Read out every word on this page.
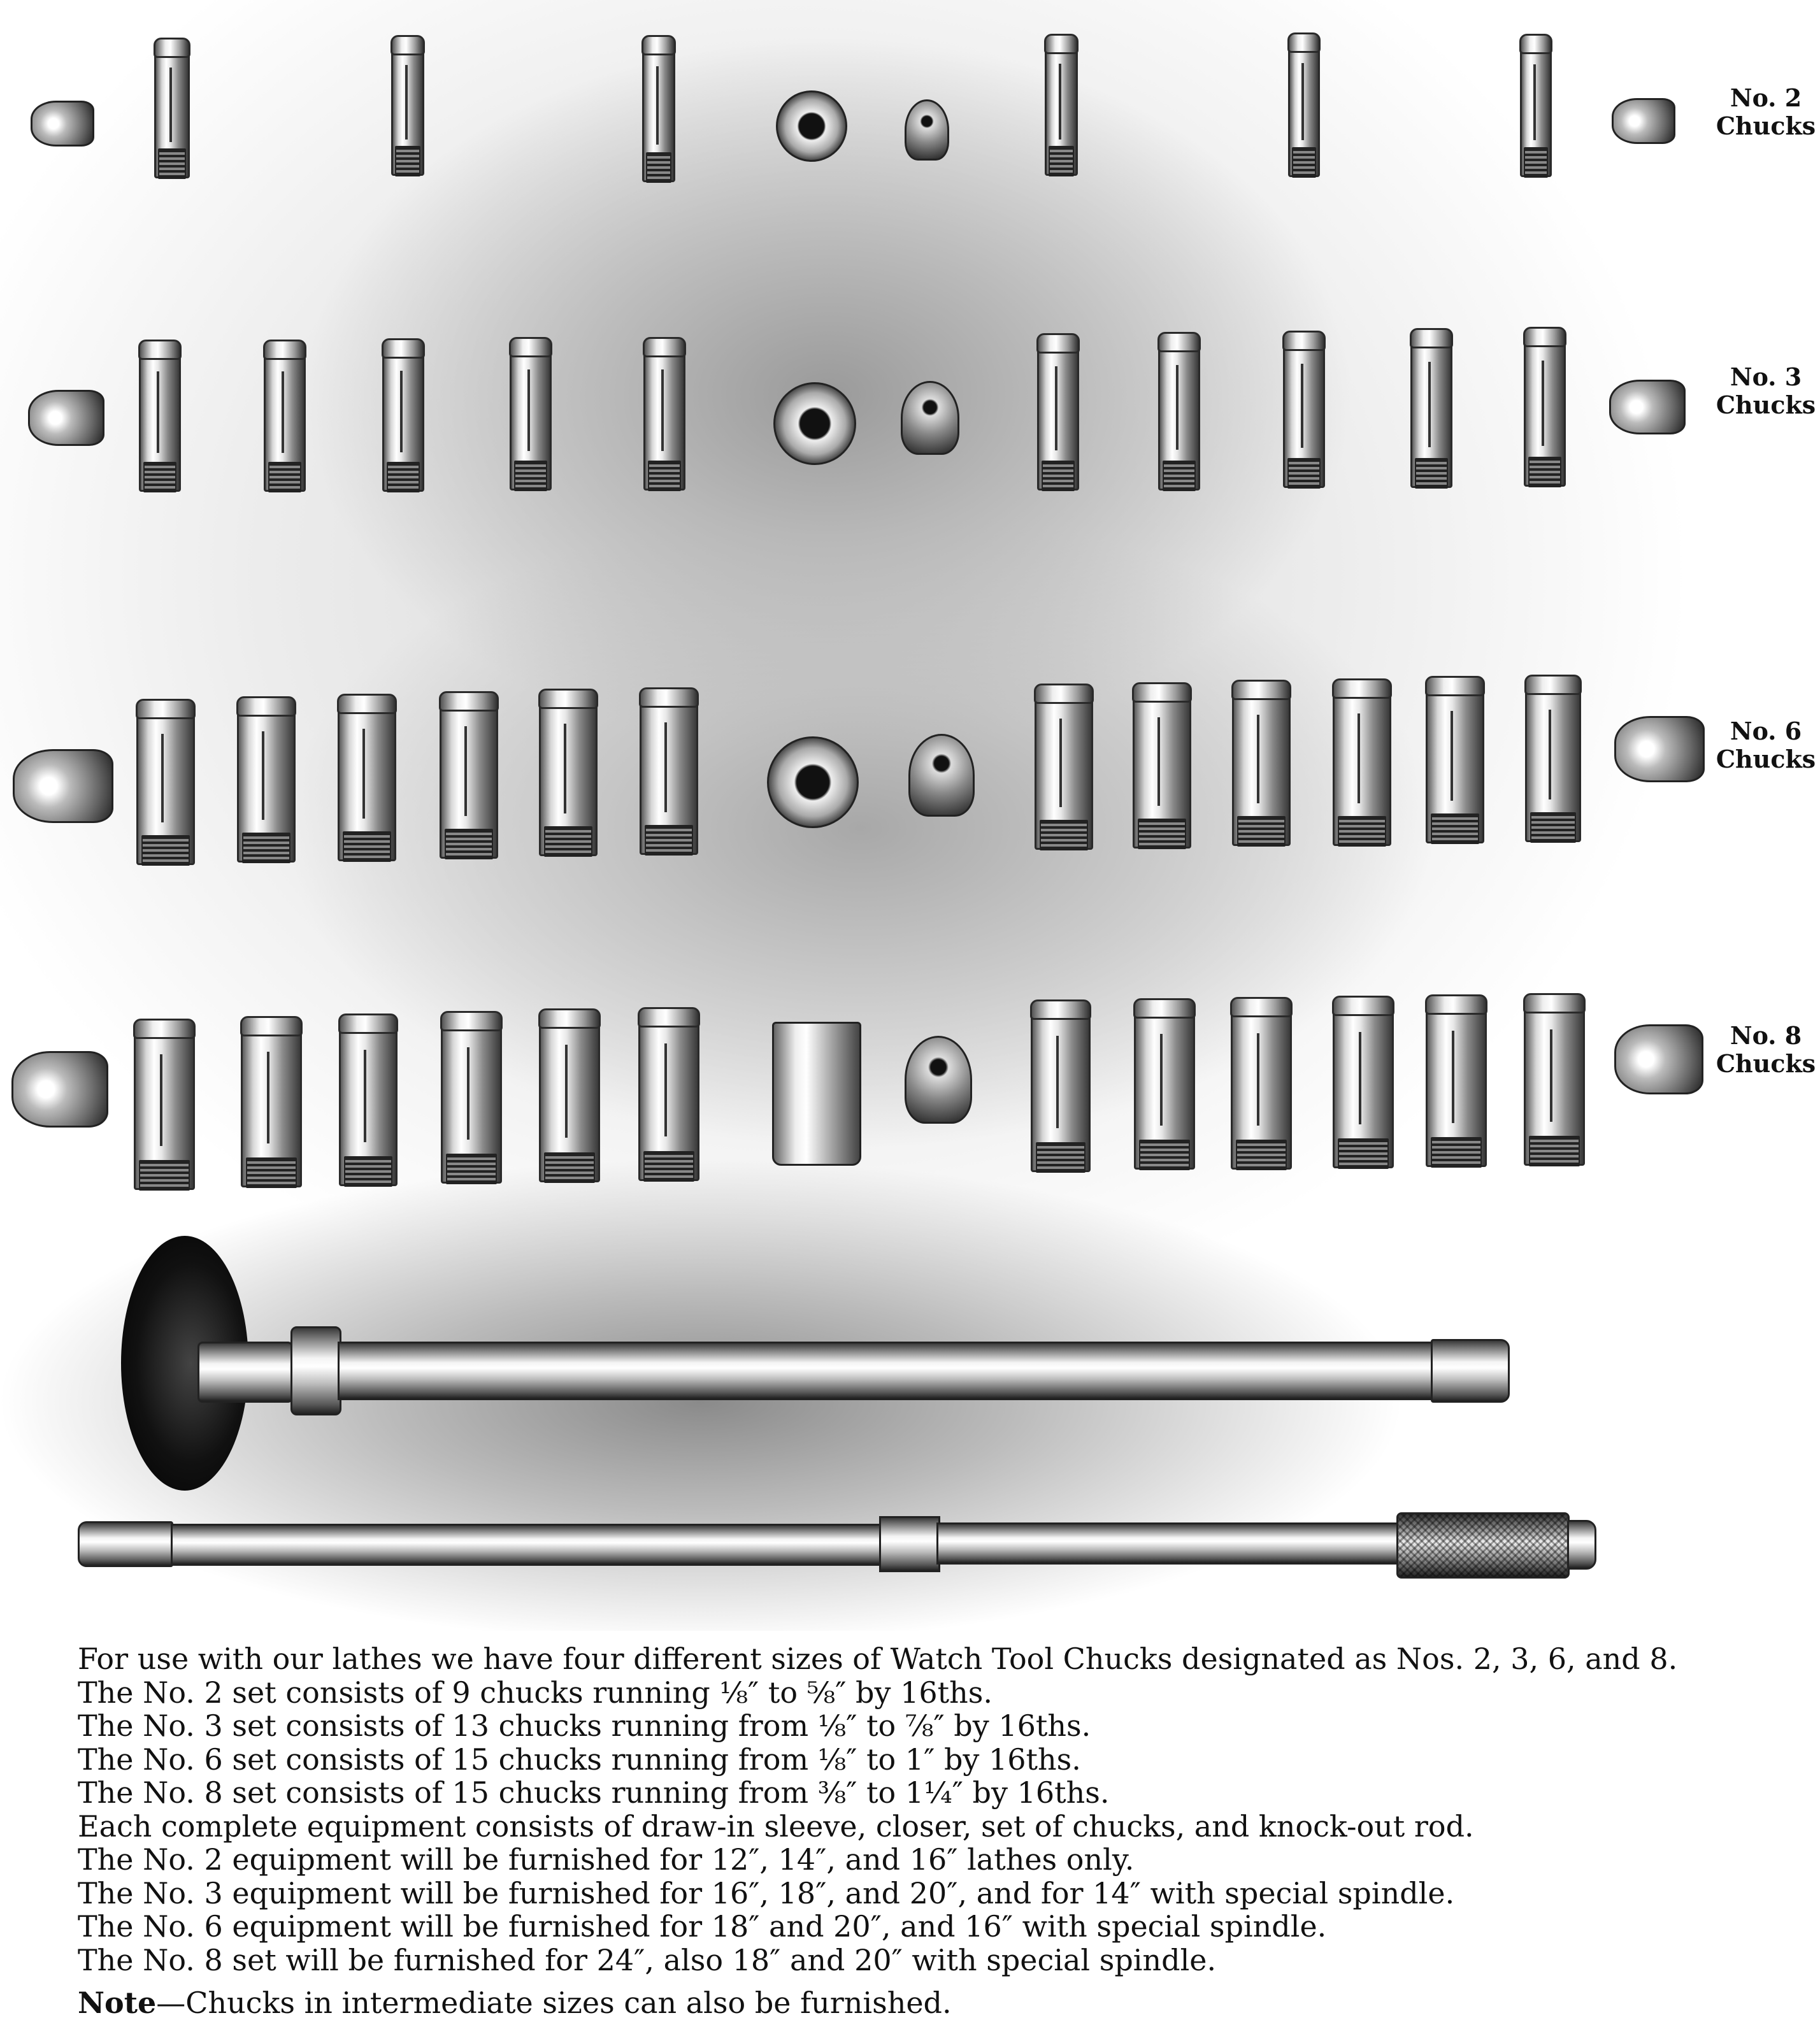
No. 2
Chucks
No. 3
Chucks
No. 6
Chucks
No. 8
Chucks

For use with our lathes we have four different sizes of Watch Tool Chucks designated as Nos. 2, 3, 6, and 8.

The No. 2 set consists of 9 chucks running ⅛″ to ⅝″ by 16ths.

The No. 3 set consists of 13 chucks running from ⅛″ to ⅞″ by 16ths.

The No. 6 set consists of 15 chucks running from ⅛″ to 1″ by 16ths.

The No. 8 set consists of 15 chucks running from ⅜″ to 1¼″ by 16ths.

Each complete equipment consists of draw-in sleeve, closer, set of chucks, and knock-out rod.

The No. 2 equipment will be furnished for 12″, 14″, and 16″ lathes only.

The No. 3 equipment will be furnished for 16″, 18″, and 20″, and for 14″ with special spindle.

The No. 6 equipment will be furnished for 18″ and 20″, and 16″ with special spindle.

The No. 8 set will be furnished for 24″, also 18″ and 20″ with special spindle.

Note—Chucks in intermediate sizes can also be furnished.
